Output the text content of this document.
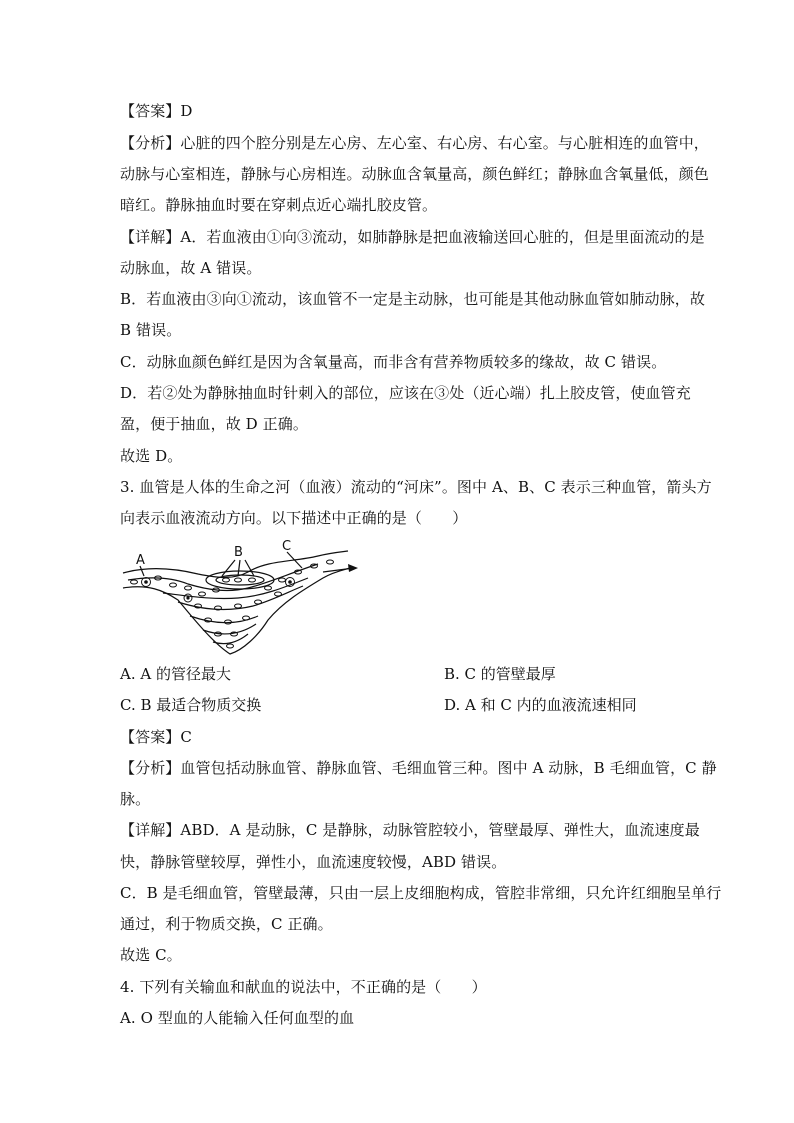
【答案】D
【分析】心脏的四个腔分别是左心房、左心室、右心房、右心室。与心脏相连的血管中，
动脉与心室相连，静脉与心房相连。动脉血含氧量高，颜色鲜红；静脉血含氧量低，颜色
暗红。静脉抽血时要在穿刺点近心端扎胶皮管。
【详解】A．若血液由①向③流动，如肺静脉是把血液输送回心脏的，但是里面流动的是
动脉血，故 A 错误。
B．若血液由③向①流动，该血管不一定是主动脉，也可能是其他动脉血管如肺动脉，故
B 错误。
C．动脉血颜色鲜红是因为含氧量高，而非含有营养物质较多的缘故，故 C 错误。
D．若②处为静脉抽血时针刺入的部位，应该在③处（近心端）扎上胶皮管，使血管充
盈，便于抽血，故 D 正确。
故选 D。
3. 血管是人体的生命之河（血液）流动的“河床”。图中 A、B、C 表示三种血管，箭头方
向表示血液流动方向。以下描述中正确的是（　　）
A
B	C
A. A 的管径最大	B. C 的管壁最厚
C. B 最适合物质交换	D. A 和 C 内的血液流速相同
【答案】C
【分析】血管包括动脉血管、静脉血管、毛细血管三种。图中 A 动脉，B 毛细血管，C 静
脉。
【详解】ABD．A 是动脉，C 是静脉，动脉管腔较小，管壁最厚、弹性大，血流速度最
快，静脉管壁较厚，弹性小，血流速度较慢，ABD 错误。
C．B 是毛细血管，管壁最薄，只由一层上皮细胞构成，管腔非常细，只允许红细胞呈单行
通过，利于物质交换，C 正确。
故选 C。
4. 下列有关输血和献血的说法中，不正确的是（　　）
A. O 型血的人能输入任何血型的血
